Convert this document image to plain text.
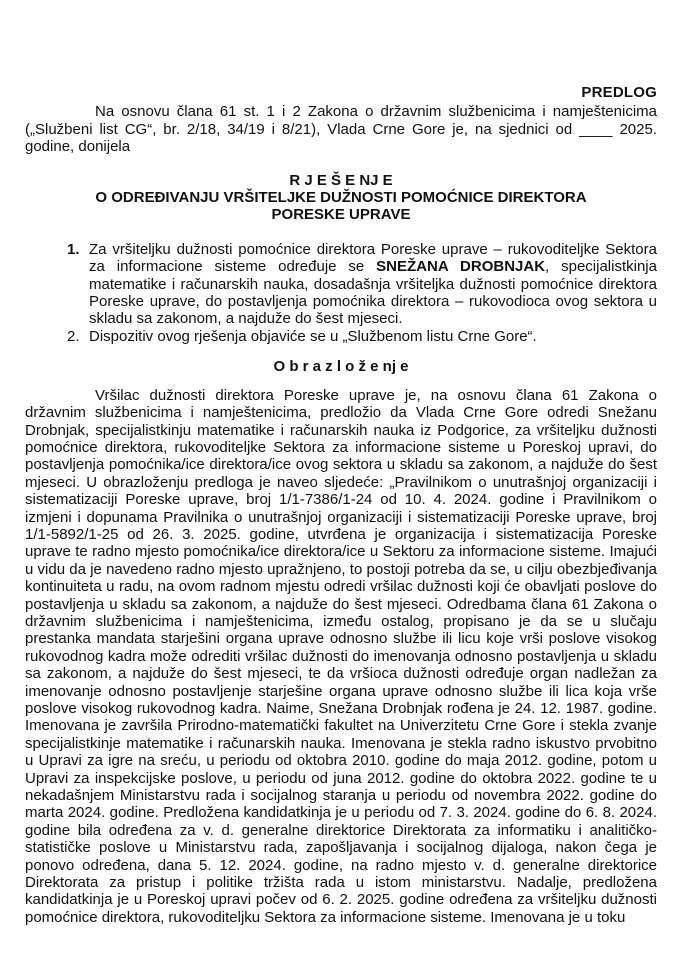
PREDLOG

Na osnovu člana 61 st. 1 i 2 Zakona o državnim službenicima i namještenicima („Službeni list CG“, br. 2/18, 34/19 i 8/21), Vlada Crne Gore je, na sjednici od ____ 2025. godine, donijela

R J E Š E NJ E
O ODREĐIVANJU VRŠITELJKE DUŽNOSTI POMOĆNICE DIREKTORA
PORESKE UPRAVE
1. Za vršiteljku dužnosti pomoćnice direktora Poreske uprave – rukovoditeljke Sektora za informacione sisteme određuje se SNEŽANA DROBNJAK, specijalistkinja matematike i računarskih nauka, dosadašnja vršiteljka dužnosti pomoćnice direktora Poreske uprave, do postavljenja pomoćnika direktora – rukovodioca ovog sektora u skladu sa zakonom, a najduže do šest mjeseci.
2. Dispozitiv ovog rješenja objaviće se u „Službenom listu Crne Gore“.
O b r a z l o ž e nj e

Vršilac dužnosti direktora Poreske uprave je, na osnovu člana 61 Zakona o državnim službenicima i namještenicima, predložio da Vlada Crne Gore odredi Snežanu Drobnjak, specijalistkinju matematike i računarskih nauka iz Podgorice, za vršiteljku dužnosti pomoćnice direktora, rukovoditeljke Sektora za informacione sisteme u Poreskoj upravi, do postavljenja pomoćnika/ice direktora/ice ovog sektora u skladu sa zakonom, a najduže do šest mjeseci. U obrazloženju predloga je naveo sljedeće: „Pravilnikom o unutrašnjoj organizaciji i sistematizaciji Poreske uprave, broj 1/1-7386/1-24 od 10. 4. 2024. godine i Pravilnikom o izmjeni i dopunama Pravilnika o unutrašnjoj organizaciji i sistematizaciji Poreske uprave, broj 1/1-5892/1-25 od 26. 3. 2025. godine, utvrđena je organizacija i sistematizacija Poreske uprave te radno mjesto pomoćnika/ice direktora/ice u Sektoru za informacione sisteme. Imajući u vidu da je navedeno radno mjesto upražnjeno, to postoji potreba da se, u cilju obezbjeđivanja kontinuiteta u radu, na ovom radnom mjestu odredi vršilac dužnosti koji će obavljati poslove do postavljenja u skladu sa zakonom, a najduže do šest mjeseci. Odredbama člana 61 Zakona o državnim službenicima i namještenicima, između ostalog, propisano je da se u slučaju prestanka mandata starješini organa uprave odnosno službe ili licu koje vrši poslove visokog rukovodnog kadra može odrediti vršilac dužnosti do imenovanja odnosno postavljenja u skladu sa zakonom, a najduže do šest mjeseci, te da vršioca dužnosti određuje organ nadležan za imenovanje odnosno postavljenje starješine organa uprave odnosno službe ili lica koja vrše poslove visokog rukovodnog kadra. Naime, Snežana Drobnjak rođena je 24. 12. 1987. godine. Imenovana je završila Prirodno-matematički fakultet na Univerzitetu Crne Gore i stekla zvanje specijalistkinje matematike i računarskih nauka. Imenovana je stekla radno iskustvo prvobitno u Upravi za igre na sreću, u periodu od oktobra 2010. godine do maja 2012. godine, potom u Upravi za inspekcijske poslove, u periodu od juna 2012. godine do oktobra 2022. godine te u nekadašnjem Ministarstvu rada i socijalnog staranja u periodu od novembra 2022. godine do marta 2024. godine. Predložena kandidatkinja je u periodu od 7. 3. 2024. godine do 6. 8. 2024. godine bila određena za v. d. generalne direktorice Direktorata za informatiku i analitičko-statističke poslove u Ministarstvu rada, zapošljavanja i socijalnog dijaloga, nakon čega je ponovo određena, dana 5. 12. 2024. godine, na radno mjesto v. d. generalne direktorice Direktorata za pristup i politike tržišta rada u istom ministarstvu. Nadalje, predložena kandidatkinja je u Poreskoj upravi počev od 6. 2. 2025. godine određena za vršiteljku dužnosti pomoćnice direktora, rukovoditeljku Sektora za informacione sisteme. Imenovana je u toku
